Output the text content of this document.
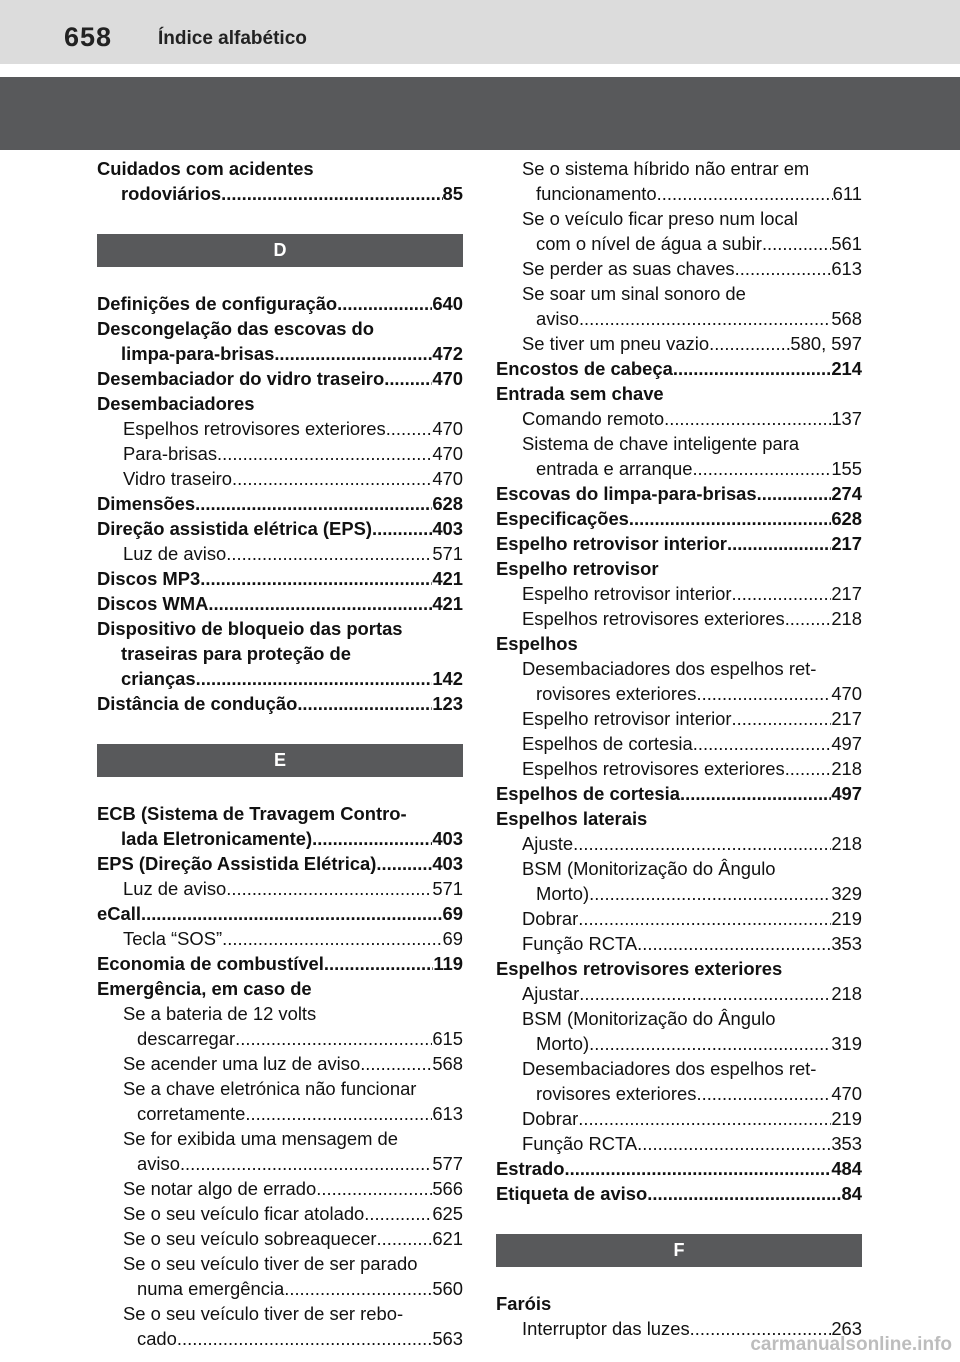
658 Índice alfabético
Cuidados com acidentes
rodoviários .....	85
D
Definições de configuração .....	640
Descongelação das escovas do
limpa-para-brisas .....	472
Desembaciador do vidro traseiro .....	470
Desembaciadores
Espelhos retrovisores exteriores .....	470
Para-brisas .....	470
Vidro traseiro .....	470
Dimensões .....	628
Direção assistida elétrica (EPS) .....	403
Luz de aviso .....	571
Discos MP3 .....	421
Discos WMA .....	421
Dispositivo de bloqueio das portas
traseiras para proteção de
crianças .....	142
Distância de condução .....	123
E
ECB (Sistema de Travagem Contro-
lada Eletronicamente) .....	403
EPS (Direção Assistida Elétrica) .....	403
Luz de aviso .....	571
eCall .....	69
Tecla “SOS” .....	69
Economia de combustível .....	119
Emergência, em caso de
Se a bateria de 12 volts
descarregar .....	615
Se acender uma luz de aviso .....	568
Se a chave eletrónica não funcionar
corretamente .....	613
Se for exibida uma mensagem de
aviso .....	577
Se notar algo de errado .....	566
Se o seu veículo ficar atolado .....	625
Se o seu veículo sobreaquecer .....	621
Se o seu veículo tiver de ser parado
numa emergência .....	560
Se o seu veículo tiver de ser rebo-
cado .....	563
Se o sistema híbrido não entrar em
funcionamento .....	611
Se o veículo ficar preso num local
com o nível de água a subir .....	561
Se perder as suas chaves .....	613
Se soar um sinal sonoro de
aviso .....	568
Se tiver um pneu vazio .....	580, 597
Encostos de cabeça .....	214
Entrada sem chave
Comando remoto .....	137
Sistema de chave inteligente para
entrada e arranque .....	155
Escovas do limpa-para-brisas .....	274
Especificações .....	628
Espelho retrovisor interior .....	217
Espelho retrovisor
Espelho retrovisor interior .....	217
Espelhos retrovisores exteriores .....	218
Espelhos
Desembaciadores dos espelhos ret-
rovisores exteriores .....	470
Espelho retrovisor interior .....	217
Espelhos de cortesia .....	497
Espelhos retrovisores exteriores .....	218
Espelhos de cortesia .....	497
Espelhos laterais
Ajuste .....	218
BSM (Monitorização do Ângulo
Morto) .....	329
Dobrar .....	219
Função RCTA .....	353
Espelhos retrovisores exteriores
Ajustar .....	218
BSM (Monitorização do Ângulo
Morto) .....	319
Desembaciadores dos espelhos ret-
rovisores exteriores .....	470
Dobrar .....	219
Função RCTA .....	353
Estrado .....	484
Etiqueta de aviso .....	84
F
Faróis
Interruptor das luzes .....	263
carmanualsonline.info
